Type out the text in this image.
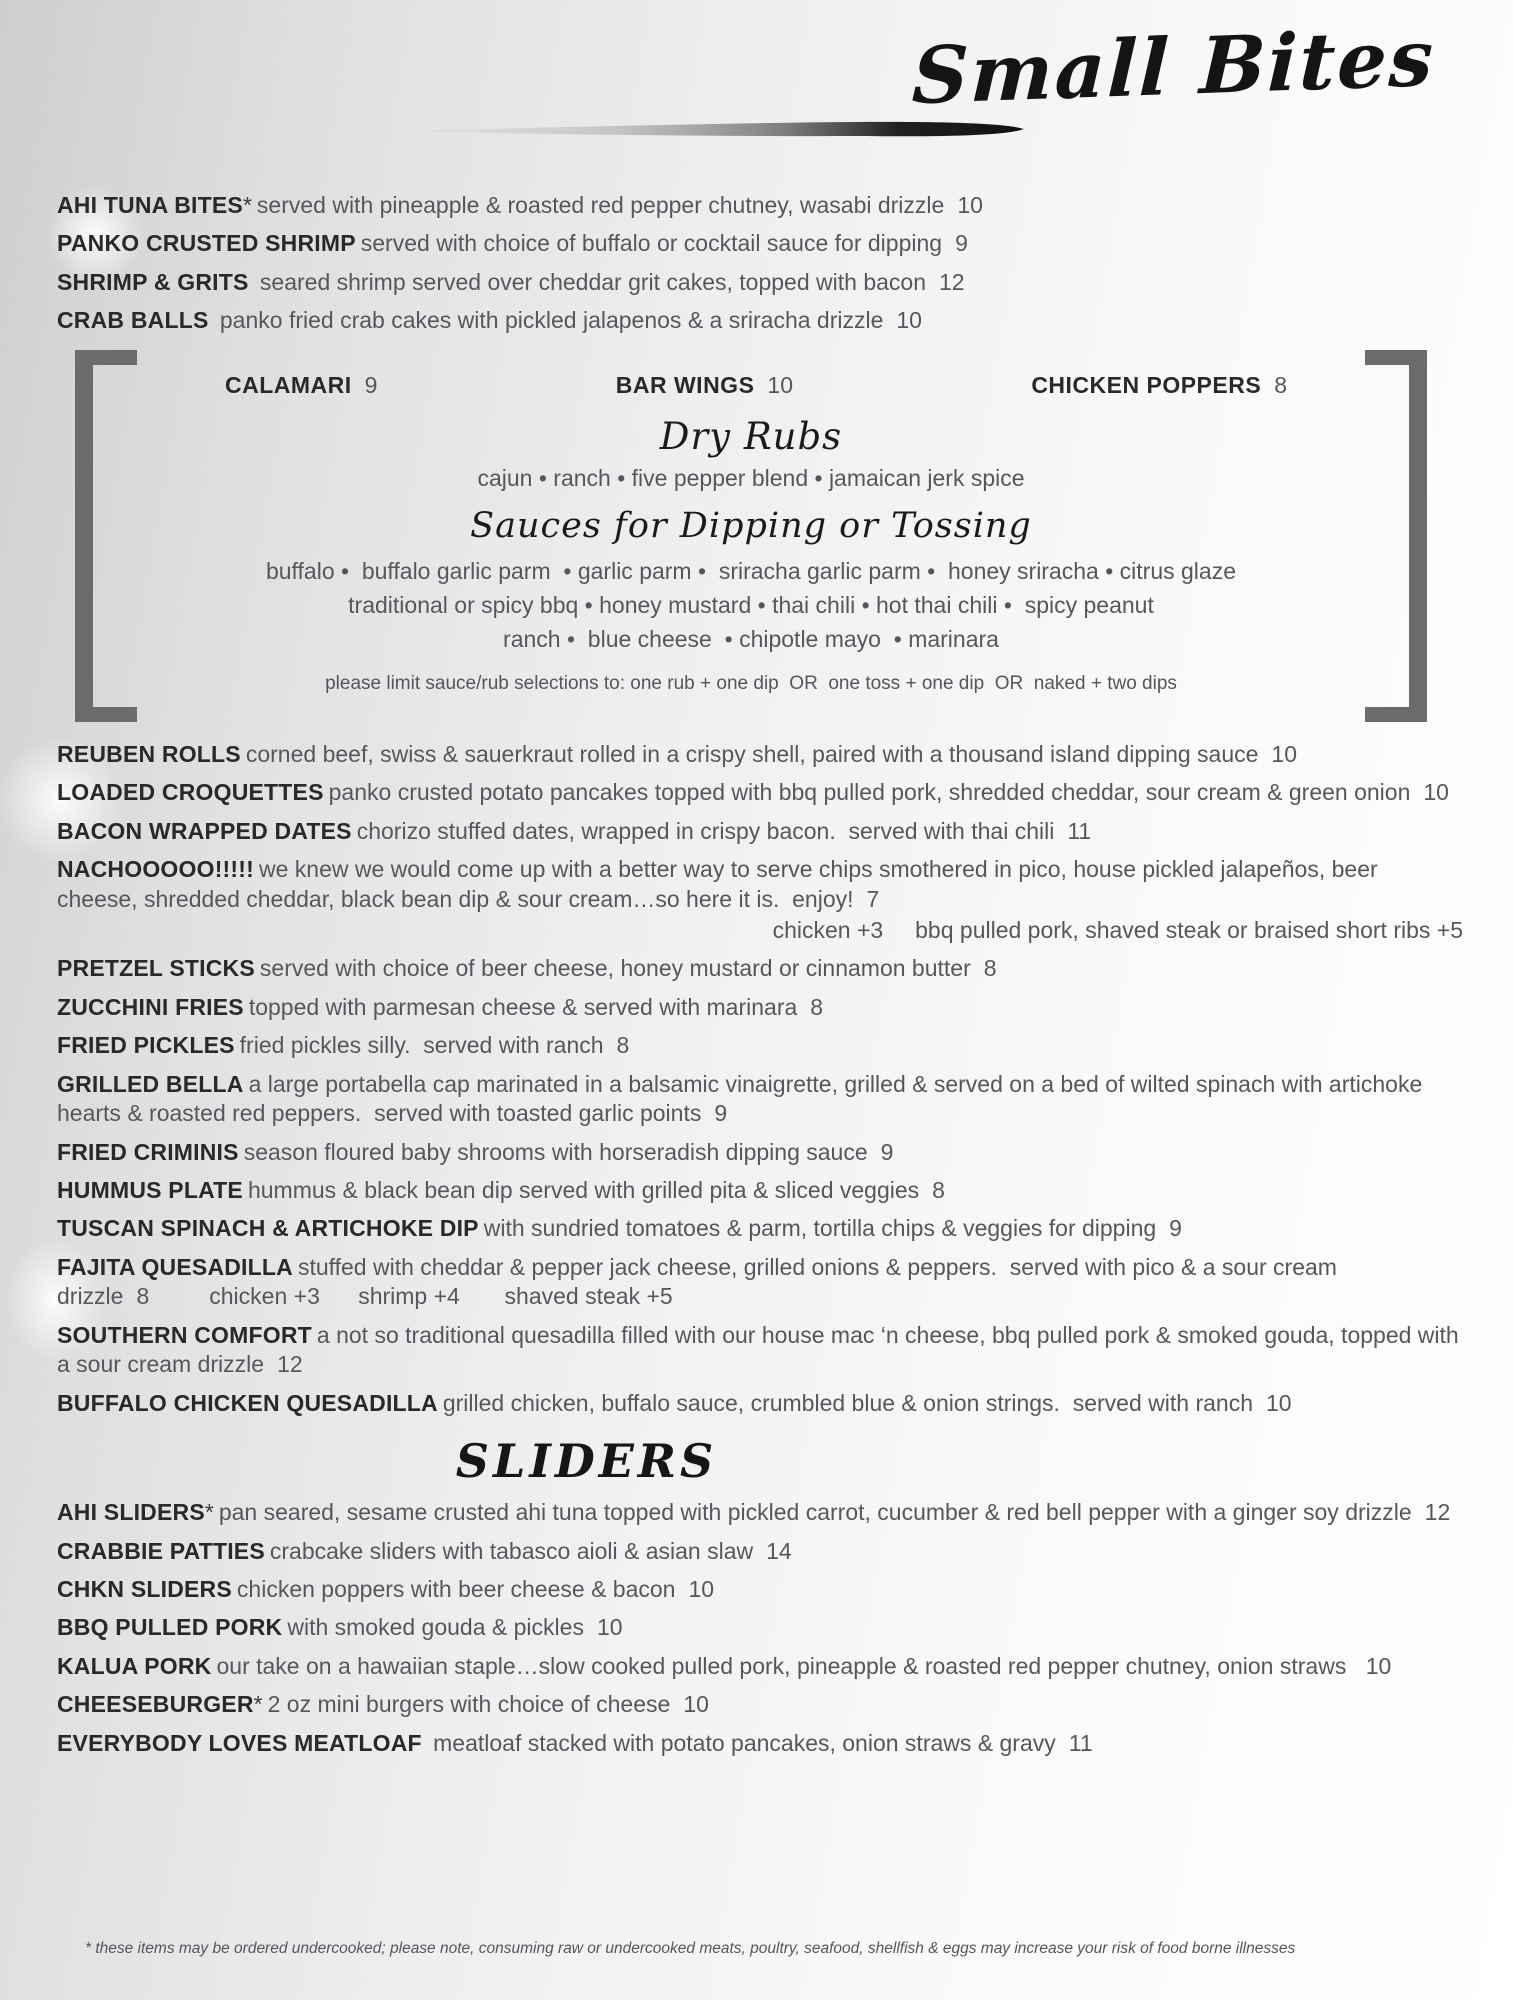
Small Bites

AHI TUNA BITES* served with pineapple & roasted red pepper chutney, wasabi drizzle 10

PANKO CRUSTED SHRIMP served with choice of buffalo or cocktail sauce for dipping 9

SHRIMP & GRITS seared shrimp served over cheddar grit cakes, topped with bacon 12

CRAB BALLS panko fried crab cakes with pickled jalapenos & a sriracha drizzle 10

CALAMARI 9	BAR WINGS 10	CHICKEN POPPERS 8
Dry Rubs
cajun • ranch • five pepper blend • jamaican jerk spice
Sauces for Dipping or Tossing
buffalo •  buffalo garlic parm  • garlic parm •  sriracha garlic parm •  honey sriracha • citrus glaze
traditional or spicy bbq • honey mustard • thai chili • hot thai chili •  spicy peanut
ranch •  blue cheese  • chipotle mayo  • marinara
please limit sauce/rub selections to: one rub + one dip  OR  one toss + one dip  OR  naked + two dips

REUBEN ROLLS corned beef, swiss & sauerkraut rolled in a crispy shell, paired with a thousand island dipping sauce 10

LOADED CROQUETTES panko crusted potato pancakes topped with bbq pulled pork, shredded cheddar, sour cream & green onion 10

BACON WRAPPED DATES chorizo stuffed dates, wrapped in crispy bacon.  served with thai chili 11

NACHOOOOO!!!!! we knew we would come up with a better way to serve chips smothered in pico, house pickled jalapeños, beer cheese, shredded cheddar, black bean dip & sour cream…so here it is.  enjoy! 7
chicken +3     bbq pulled pork, shaved steak or braised short ribs +5

PRETZEL STICKS served with choice of beer cheese, honey mustard or cinnamon butter 8

ZUCCHINI FRIES topped with parmesan cheese & served with marinara 8

FRIED PICKLES fried pickles silly.  served with ranch 8

GRILLED BELLA a large portabella cap marinated in a balsamic vinaigrette, grilled & served on a bed of wilted spinach with artichoke hearts & roasted red peppers.  served with toasted garlic points 9

FRIED CRIMINIS season floured baby shrooms with horseradish dipping sauce 9

HUMMUS PLATE hummus & black bean dip served with grilled pita & sliced veggies 8

TUSCAN SPINACH & ARTICHOKE DIP with sundried tomatoes & parm, tortilla chips & veggies for dipping 9

FAJITA QUESADILLA stuffed with cheddar & pepper jack cheese, grilled onions & peppers.  served with pico & a sour cream drizzle 8	chicken +3      shrimp +4       shaved steak +5

SOUTHERN COMFORT a not so traditional quesadilla filled with our house mac ‘n cheese, bbq pulled pork & smoked gouda, topped with a sour cream drizzle 12

BUFFALO CHICKEN QUESADILLA grilled chicken, buffalo sauce, crumbled blue & onion strings.  served with ranch 10

SLIDERS

AHI SLIDERS* pan seared, sesame crusted ahi tuna topped with pickled carrot, cucumber & red bell pepper with a ginger soy drizzle 12

CRABBIE PATTIES crabcake sliders with tabasco aioli & asian slaw 14

CHKN SLIDERS chicken poppers with beer cheese & bacon 10

BBQ PULLED PORK with smoked gouda & pickles 10

KALUA PORK our take on a hawaiian staple…slow cooked pulled pork, pineapple & roasted red pepper chutney, onion straws 10

CHEESEBURGER* 2 oz mini burgers with choice of cheese 10

EVERYBODY LOVES MEATLOAF meatloaf stacked with potato pancakes, onion straws & gravy 11

* these items may be ordered undercooked; please note, consuming raw or undercooked meats, poultry, seafood, shellfish & eggs may increase your risk of food borne illnesses
